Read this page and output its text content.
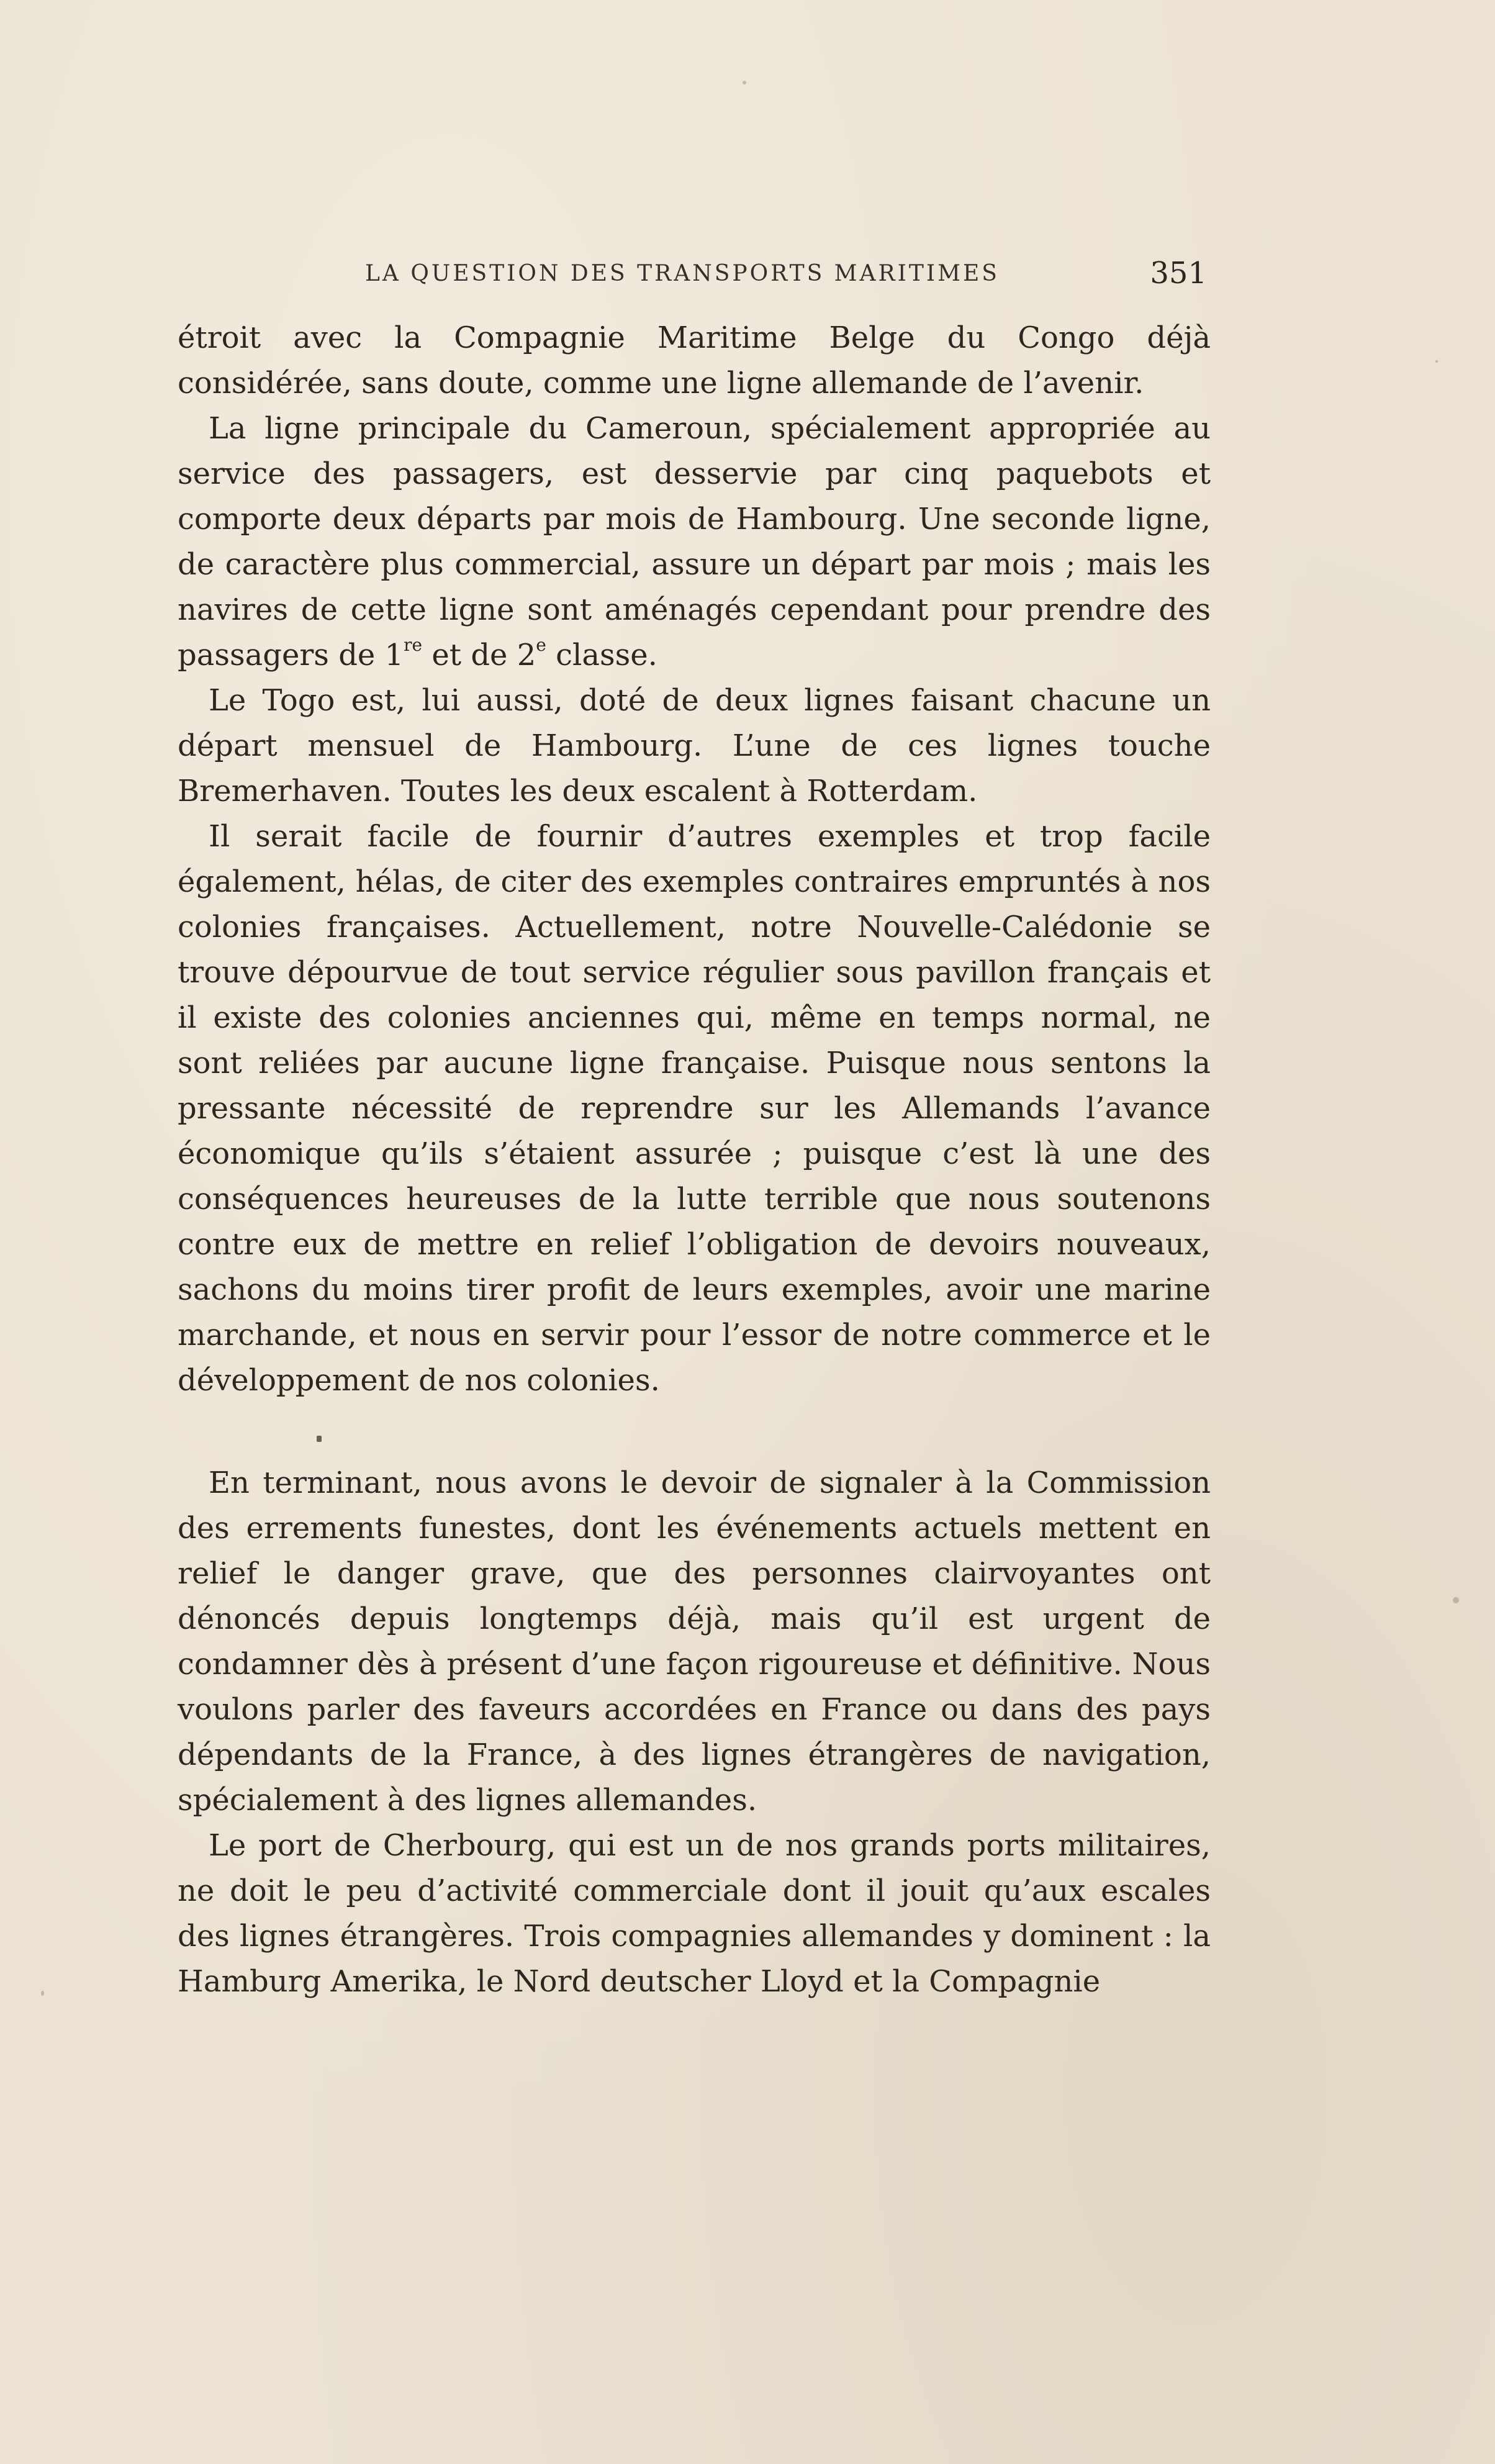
LA QUESTION DES TRANSPORTS MARITIMES	351

étroit avec la Compagnie Maritime Belge du Congo déjà considérée, sans doute, comme une ligne allemande de l’avenir.

La ligne principale du Cameroun, spécialement appropriée au service des passagers, est desservie par cinq paquebots et comporte deux départs par mois de Hambourg. Une seconde ligne, de caractère plus commercial, assure un départ par mois ; mais les navires de cette ligne sont aménagés cependant pour prendre des passagers de 1re et de 2e classe.

Le Togo est, lui aussi, doté de deux lignes faisant chacune un départ mensuel de Hambourg. L’une de ces lignes touche Bremerhaven. Toutes les deux escalent à Rotterdam.

Il serait facile de fournir d’autres exemples et trop facile également, hélas, de citer des exemples contraires empruntés à nos colonies françaises. Actuellement, notre Nouvelle-Calédonie se trouve dépourvue de tout service régulier sous pavillon français et il existe des colonies anciennes qui, même en temps normal, ne sont reliées par aucune ligne française. Puisque nous sentons la pressante nécessité de reprendre sur les Allemands l’avance économique qu’ils s’étaient assurée ; puisque c’est là une des conséquences heureuses de la lutte terrible que nous soutenons contre eux de mettre en relief l’obligation de devoirs nouveaux, sachons du moins tirer profit de leurs exemples, avoir une marine marchande, et nous en servir pour l’essor de notre commerce et le développement de nos colonies.

En terminant, nous avons le devoir de signaler à la Commission des errements funestes, dont les événements actuels mettent en relief le danger grave, que des personnes clairvoyantes ont dénoncés depuis longtemps déjà, mais qu’il est urgent de condamner dès à présent d’une façon rigoureuse et définitive. Nous voulons parler des faveurs accordées en France ou dans des pays dépendants de la France, à des lignes étrangères de navigation, spécialement à des lignes allemandes.

Le port de Cherbourg, qui est un de nos grands ports militaires, ne doit le peu d’activité commerciale dont il jouit qu’aux escales des lignes étrangères. Trois compagnies allemandes y dominent : la Hamburg Amerika, le Nord deutscher Lloyd et la Compagnie
